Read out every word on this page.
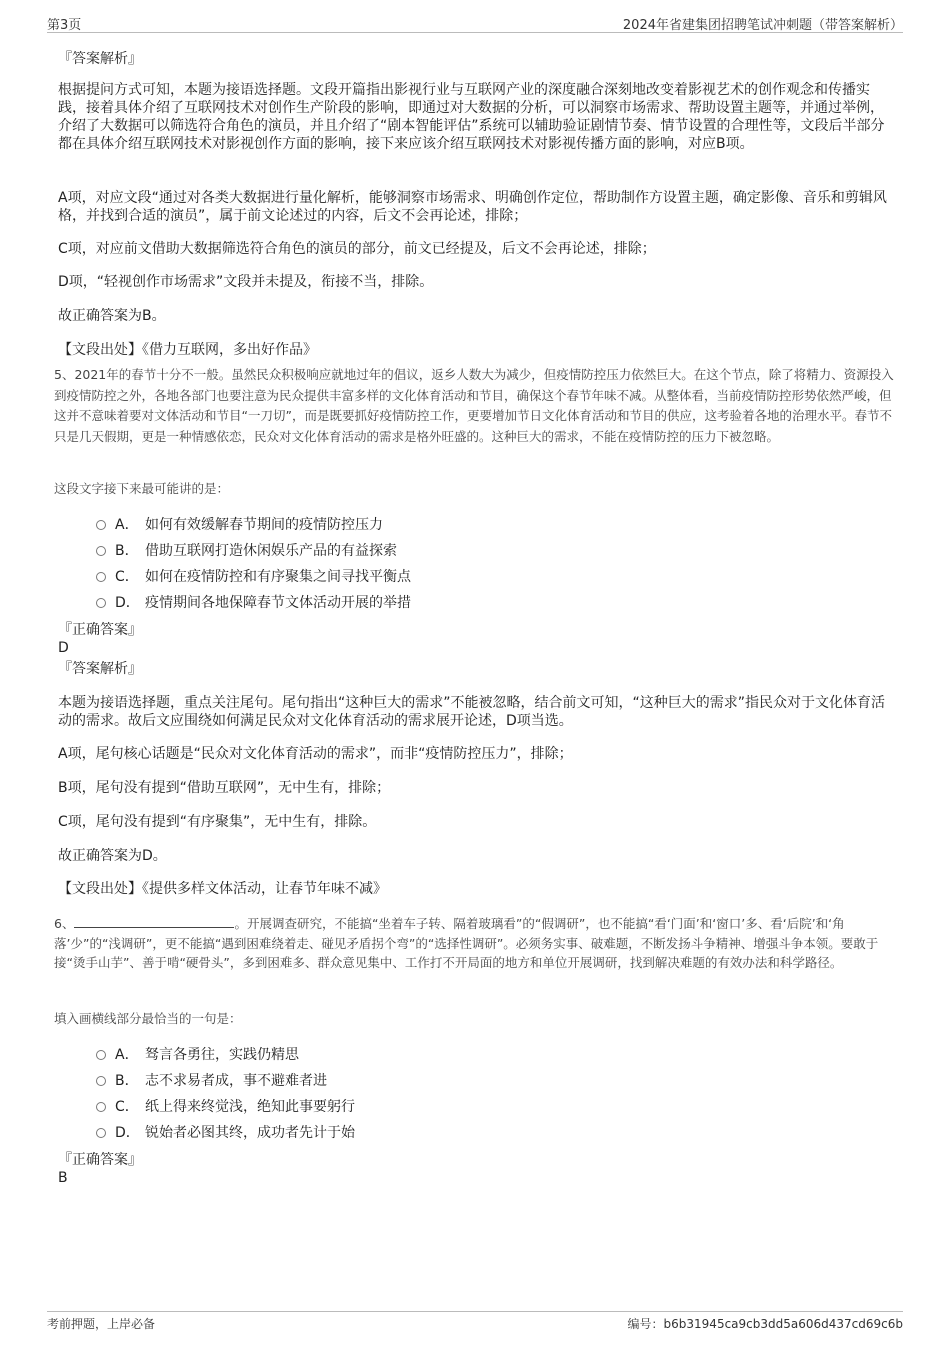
第3页	2024年省建集团招聘笔试冲刺题（带答案解析）
『答案解析』
根据提问方式可知，本题为接语选择题。文段开篇指出影视行业与互联网产业的深度融合深刻地改变着影视艺术的创作观念和传播实践，接着具体介绍了互联网技术对创作生产阶段的影响，即通过对大数据的分析，可以洞察市场需求、帮助设置主题等，并通过举例，介绍了大数据可以筛选符合角色的演员，并且介绍了“剧本智能评估”系统可以辅助验证剧情节奏、情节设置的合理性等，文段后半部分都在具体介绍互联网技术对影视创作方面的影响，接下来应该介绍互联网技术对影视传播方面的影响，对应B项。
A项，对应文段“通过对各类大数据进行量化解析，能够洞察市场需求、明确创作定位，帮助制作方设置主题，确定影像、音乐和剪辑风格，并找到合适的演员”，属于前文论述过的内容，后文不会再论述，排除；
C项，对应前文借助大数据筛选符合角色的演员的部分，前文已经提及，后文不会再论述，排除；
D项，“轻视创作市场需求”文段并未提及，衔接不当，排除。
故正确答案为B。
【文段出处】《借力互联网，多出好作品》
5、2021年的春节十分不一般。虽然民众积极响应就地过年的倡议，返乡人数大为减少，但疫情防控压力依然巨大。在这个节点，除了将精力、资源投入到疫情防控之外，各地各部门也要注意为民众提供丰富多样的文化体育活动和节目，确保这个春节年味不减。从整体看，当前疫情防控形势依然严峻，但这并不意味着要对文体活动和节目“一刀切”，而是既要抓好疫情防控工作，更要增加节日文化体育活动和节目的供应，这考验着各地的治理水平。春节不只是几天假期，更是一种情感依恋，民众对文化体育活动的需求是格外旺盛的。这种巨大的需求，不能在疫情防控的压力下被忽略。
这段文字接下来最可能讲的是：
A． 如何有效缓解春节期间的疫情防控压力
B． 借助互联网打造休闲娱乐产品的有益探索
C． 如何在疫情防控和有序聚集之间寻找平衡点
D． 疫情期间各地保障春节文体活动开展的举措
『正确答案』
D
『答案解析』
本题为接语选择题，重点关注尾句。尾句指出“这种巨大的需求”不能被忽略，结合前文可知，“这种巨大的需求”指民众对于文化体育活动的需求。故后文应围绕如何满足民众对文化体育活动的需求展开论述，D项当选。
A项，尾句核心话题是“民众对文化体育活动的需求”，而非“疫情防控压力”，排除；
B项，尾句没有提到“借助互联网”，无中生有，排除；
C项，尾句没有提到“有序聚集”，无中生有，排除。
故正确答案为D。
【文段出处】《提供多样文体活动，让春节年味不减》
6、	。开展调查研究，不能搞“坐着车子转、隔着玻璃看”的“假调研”，也不能搞“看‘门面’和‘窗口’多、看‘后院’和‘角落’少”的“浅调研”，更不能搞“遇到困难绕着走、碰见矛盾拐个弯”的“选择性调研”。必须务实事、破难题，不断发扬斗争精神、增强斗争本领。要敢于接“烫手山芋”、善于啃“硬骨头”，多到困难多、群众意见集中、工作打不开局面的地方和单位开展调研，找到解决难题的有效办法和科学路径。
填入画横线部分最恰当的一句是：
A． 驽言各勇往，实践仍精思
B． 志不求易者成，事不避难者进
C． 纸上得来终觉浅，绝知此事要躬行
D． 锐始者必图其终，成功者先计于始
『正确答案』
B
考前押题，上岸必备	编号：b6b31945ca9cb3dd5a606d437cd69c6b
